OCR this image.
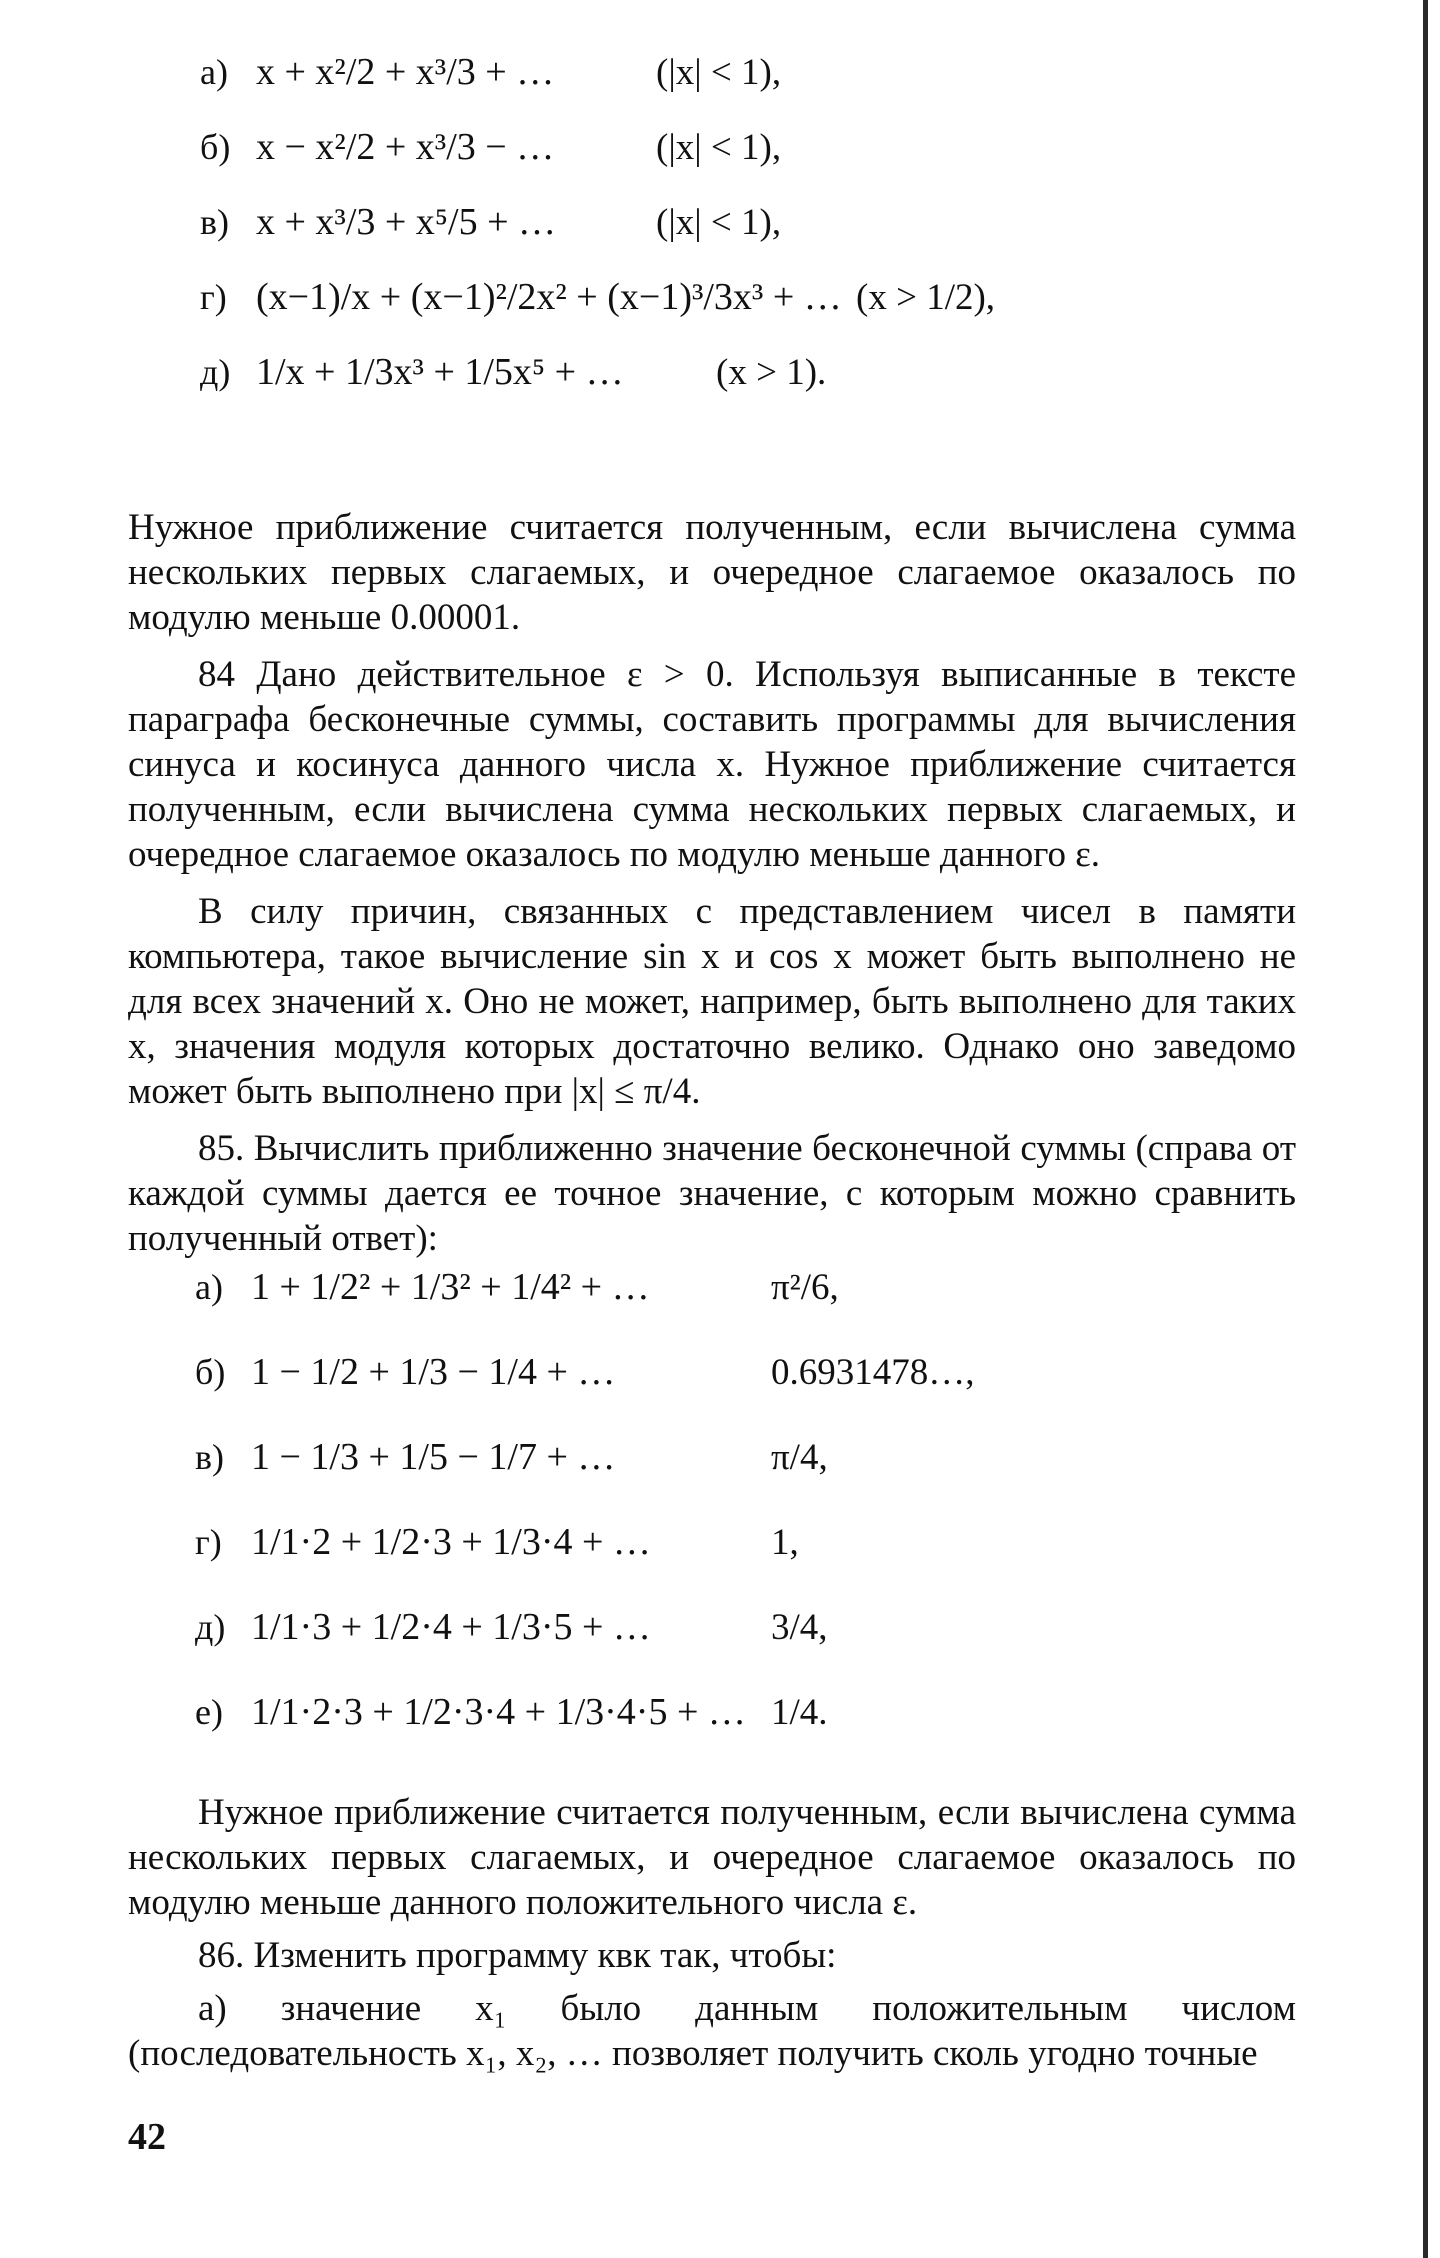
а) x + x²/2 + x³/3 + …	(|x| < 1),
б) x − x²/2 + x³/3 − …	(|x| < 1),
в) x + x³/3 + x⁵/5 + …	(|x| < 1),
г) (x−1)/x + (x−1)²/2x² + (x−1)³/3x³ + … (x > 1/2),
д) 1/x + 1/3x³ + 1/5x⁵ + …	(x > 1).

Нужное приближение считается полученным, если вычислена сумма нескольких первых слагаемых, и очередное слагаемое оказалось по модулю меньше 0.00001.

84 Дано действительное ε > 0. Используя выписанные в тексте параграфа бесконечные суммы, составить программы для вычисления синуса и косинуса данного числа x. Нужное приближение считается полученным, если вычислена сумма нескольких первых слагаемых, и очередное слагаемое оказалось по модулю меньше данного ε.

В силу причин, связанных с представлением чисел в памяти компьютера, такое вычисление sin x и cos x может быть выполнено не для всех значений x. Оно не может, например, быть выполнено для таких x, значения модуля которых достаточно велико. Однако оно заведомо может быть выполнено при |x| ≤ π/4.

85. Вычислить приближенно значение бесконечной суммы (справа от каждой суммы дается ее точное значение, с которым можно сравнить полученный ответ):

а) 1 + 1/2² + 1/3² + 1/4² + …	π²/6,
б) 1 − 1/2 + 1/3 − 1/4 + …	0.6931478…,
в) 1 − 1/3 + 1/5 − 1/7 + …	π/4,
г) 1/1·2 + 1/2·3 + 1/3·4 + …	1,
д) 1/1·3 + 1/2·4 + 1/3·5 + …	3/4,
е) 1/1·2·3 + 1/2·3·4 + 1/3·4·5 + … 1/4.

Нужное приближение считается полученным, если вычислена сумма нескольких первых слагаемых, и очередное слагаемое оказалось по модулю меньше данного положительного числа ε.

86. Изменить программу квк так, чтобы:

а) значение x₁ было данным положительным числом (последовательность x₁, x₂, … позволяет получить сколь угодно точные

42
